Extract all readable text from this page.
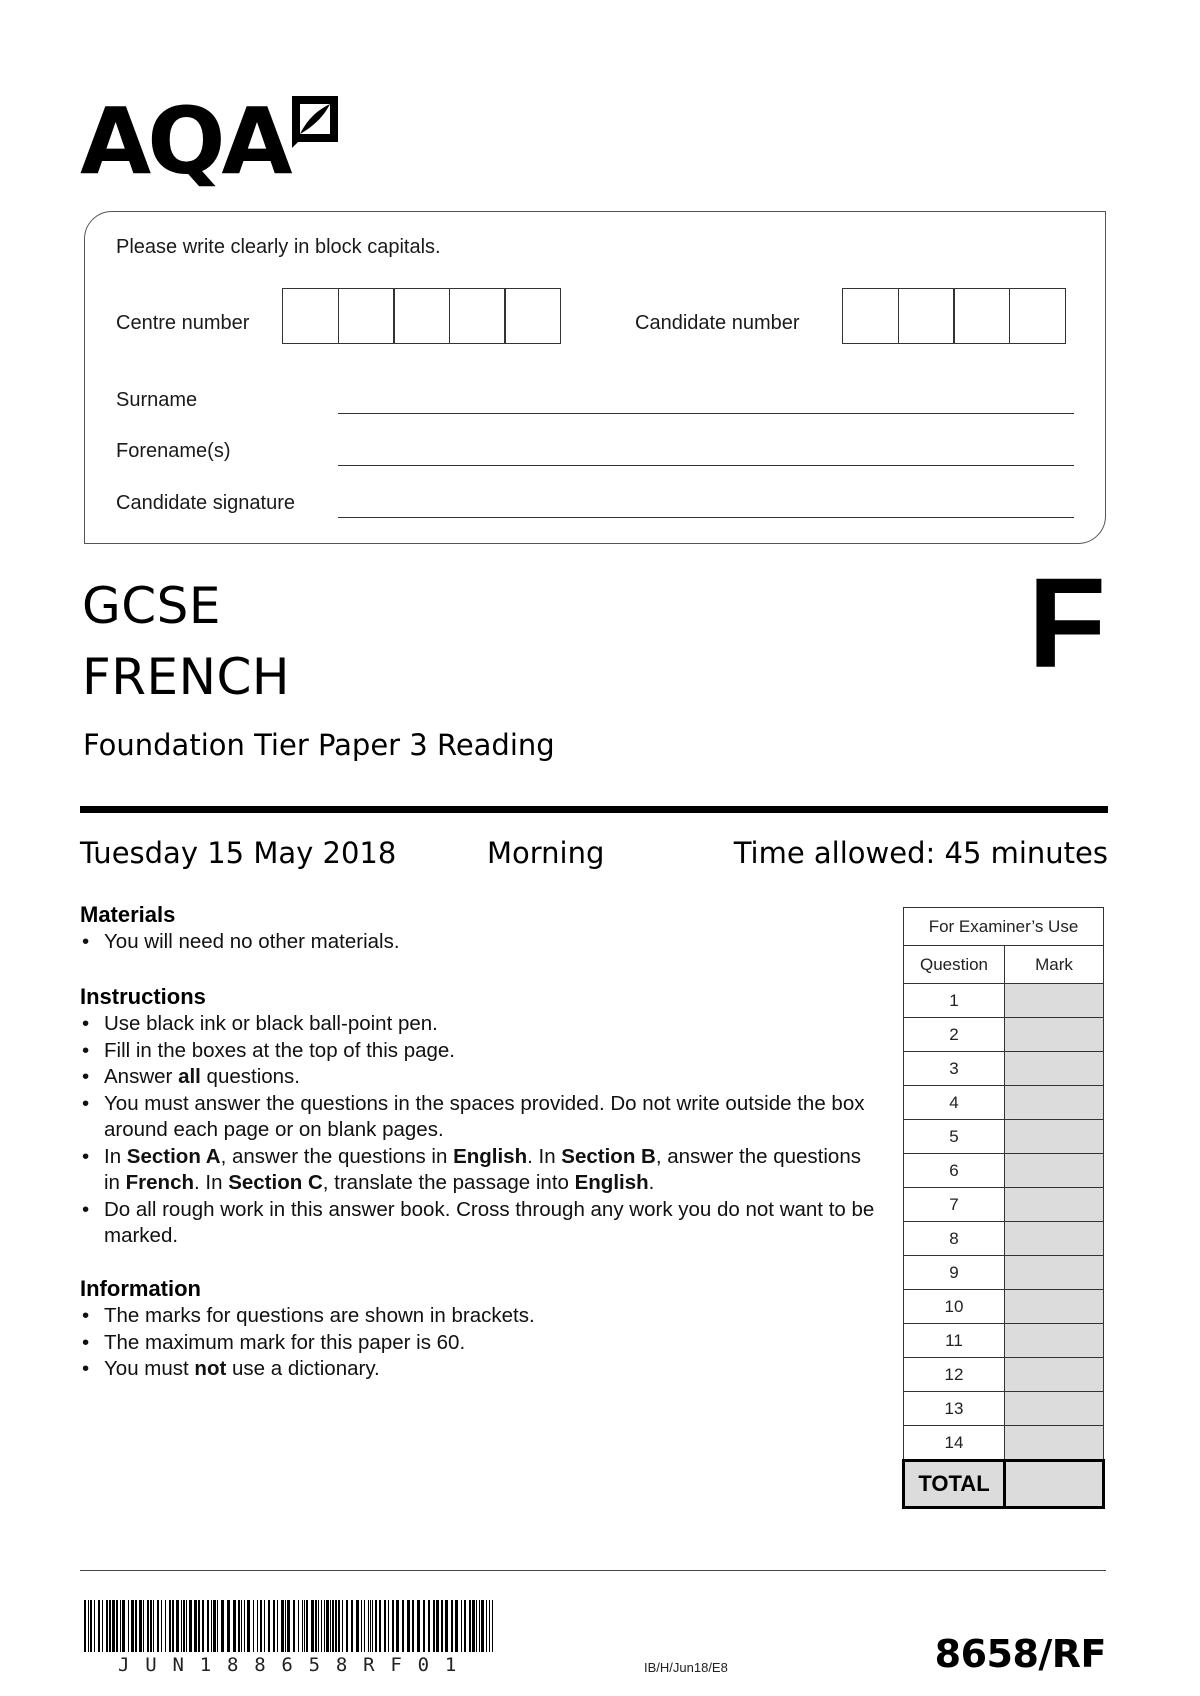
AQA
Please write clearly in block capitals.
Centre number	Candidate number
Surname
Forename(s)
Candidate signature
GCSE
FRENCH	F
Foundation Tier Paper 3 Reading
Tuesday 15 May 2018	Morning	Time allowed: 45 minutes
Materials
• You will need no other materials.
Instructions
• Use black ink or black ball-point pen.
• Fill in the boxes at the top of this page.
• Answer all questions.
• You must answer the questions in the spaces provided. Do not write outside the box around each page or on blank pages.
• In Section A, answer the questions in English. In Section B, answer the questions in French. In Section C, translate the passage into English.
• Do all rough work in this answer book. Cross through any work you do not want to be marked.
Information
• The marks for questions are shown in brackets.
• The maximum mark for this paper is 60.
• You must not use a dictionary.
For Examiner’s Use	
Question	Mark
1	
2	
3	
4	
5	
6	
7	
8	
9	
10	
11	
12	
13	
14	
TOTAL	
JUN188658RF01	IB/H/Jun18/E8	8658/RF
